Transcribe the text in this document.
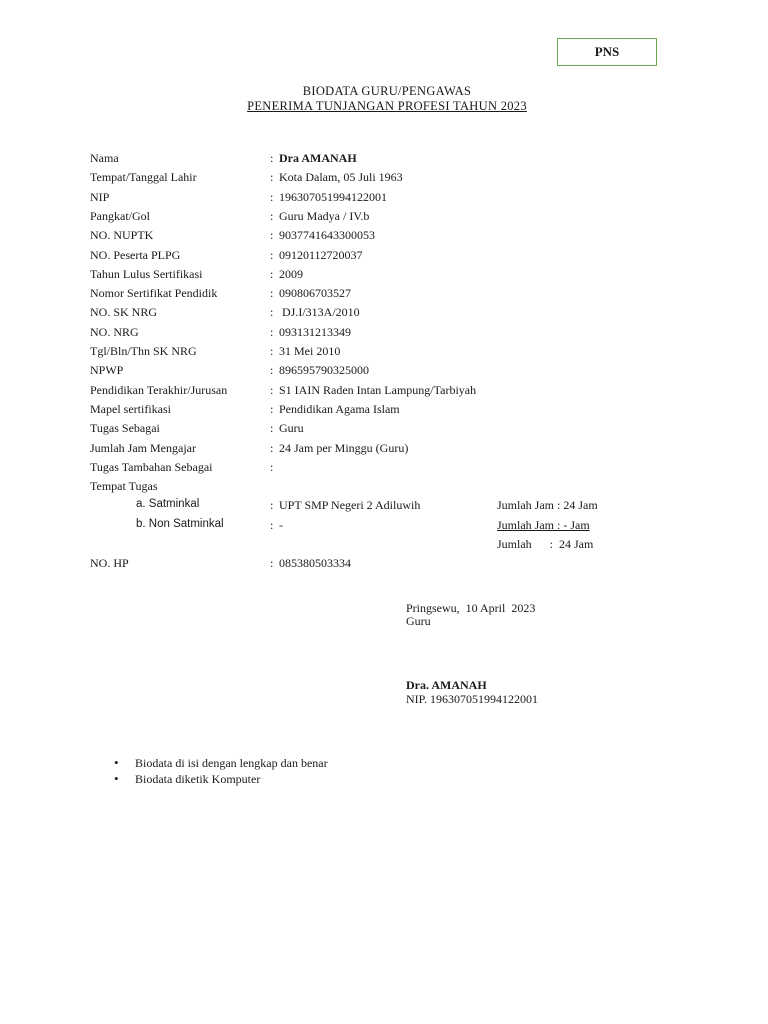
PNS
BIODATA GURU/PENGAWAS
PENERIMA TUNJANGAN PROFESI TAHUN 2023
Nama	: Dra AMANAH
Tempat/Tanggal Lahir	: Kota Dalam, 05 Juli 1963
NIP	: 196307051994122001
Pangkat/Gol	: Guru Madya / IV.b
NO. NUPTK	: 9037741643300053
NO. Peserta PLPG	: 09120112720037
Tahun Lulus Sertifikasi	: 2009
Nomor Sertifikat Pendidik	: 090806703527
NO. SK NRG	: DJ.I/313A/2010
NO. NRG	: 093131213349
Tgl/Bln/Thn SK NRG	: 31 Mei 2010
NPWP	: 896595790325000
Pendidikan Terakhir/Jurusan	: S1 IAIN Raden Intan Lampung/Tarbiyah
Mapel sertifikasi	: Pendidikan Agama Islam
Tugas Sebagai	: Guru
Jumlah Jam Mengajar	: 24 Jam per Minggu (Guru)
Tugas Tambahan Sebagai	:
Tempat Tugas
a. Satminkal	: UPT SMP Negeri 2 Adiluwih	Jumlah Jam : 24 Jam
b. Non Satminkal	: -	Jumlah Jam : - Jam
Jumlah      :  24 Jam
NO. HP	: 085380503334
Pringsewu,  10 April  2023
Guru
Dra. AMANAH
NIP. 196307051994122001
• Biodata di isi dengan lengkap dan benar
• Biodata diketik Komputer
